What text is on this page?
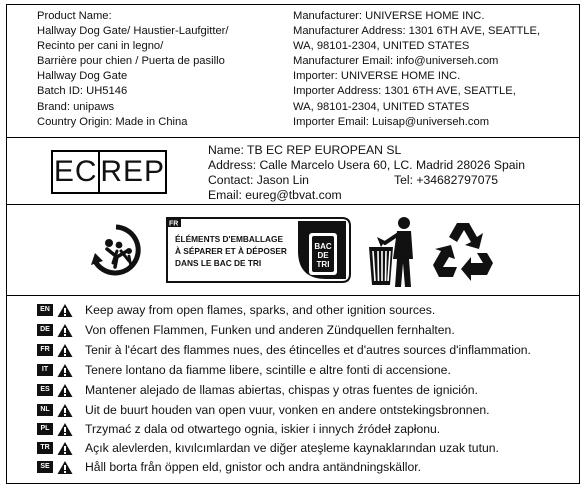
Product Name:
Hallway Dog Gate/ Haustier-Laufgitter/
Recinto per cani in legno/
Barrière pour chien / Puerta de pasillo
Hallway Dog Gate
Batch ID: UH5146
Brand: unipaws
Country Origin: Made in China
Manufacturer: UNIVERSE HOME INC.
Manufacturer Address: 1301 6TH AVE, SEATTLE,
WA, 98101-2304, UNITED STATES
Manufacturer Email: info@universeh.com
Importer: UNIVERSE HOME INC.
Importer Address: 1301 6TH AVE, SEATTLE,
WA, 98101-2304, UNITED STATES
Importer Email: Luisap@universeh.com
EC REP
Name: TB EC REP EUROPEAN SL
Address: Calle Marcelo Usera 60, LC. Madrid 28026 Spain
Contact: Jason Lin	Tel: +34682797075
Email: eureg@tbvat.com
FR
ÉLÉMENTS D'EMBALLAGE
À SÉPARER ET À DÉPOSER
DANS LE BAC DE TRI
BAC
DE
TRI
EN	Keep away from open flames, sparks, and other ignition sources.
DE	Von offenen Flammen, Funken und anderen Zündquellen fernhalten.
FR	Tenir à l'écart des flammes nues, des étincelles et d'autres sources d'inflammation.
IT	Tenere lontano da fiamme libere, scintille e altre fonti di accensione.
ES	Mantener alejado de llamas abiertas, chispas y otras fuentes de ignición.
NL	Uit de buurt houden van open vuur, vonken en andere ontstekingsbronnen.
PL	Trzymać z dala od otwartego ognia, iskier i innych źródeł zapłonu.
TR	Açık alevlerden, kıvılcımlardan ve diğer ateşleme kaynaklarından uzak tutun.
SE	Håll borta från öppen eld, gnistor och andra antändningskällor.
